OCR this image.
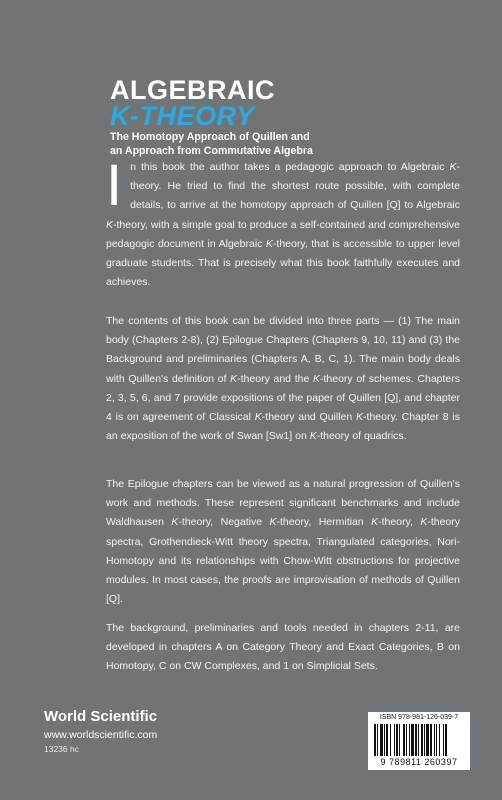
ALGEBRAIC
K-THEORY
The Homotopy Approach of Quillen and
an Approach from Commutative Algebra
I n this book the author takes a pedagogic approach to Algebraic K-theory. He tried to find the shortest route possible, with complete details, to arrive at the homotopy approach of Quillen [Q] to Algebraic K-theory, with a simple goal to produce a self-contained and comprehensive pedagogic document in Algebraic K-theory, that is accessible to upper level graduate students. That is precisely what this book faithfully executes and achieves.
The contents of this book can be divided into three parts — (1) The main body (Chapters 2-8), (2) Epilogue Chapters (Chapters 9, 10, 11) and (3) the Background and preliminaries (Chapters A, B, C, 1). The main body deals with Quillen's definition of K-theory and the K-theory of schemes. Chapters 2, 3, 5, 6, and 7 provide expositions of the paper of Quillen [Q], and chapter 4 is on agreement of Classical K-theory and Quillen K-theory. Chapter 8 is an exposition of the work of Swan [Sw1] on K-theory of quadrics.
The Epilogue chapters can be viewed as a natural progression of Quillen's work and methods. These represent significant benchmarks and include Waldhausen K-theory, Negative K-theory, Hermitian K-theory, K-theory spectra, Grothendieck-Witt theory spectra, Triangulated categories, Nori-Homotopy and its relationships with Chow-Witt obstructions for projective modules. In most cases, the proofs are improvisation of methods of Quillen [Q].
The background, preliminaries and tools needed in chapters 2-11, are developed in chapters A on Category Theory and Exact Categories, B on Homotopy, C on CW Complexes, and 1 on Simplicial Sets.
World Scientific
www.worldscientific.com
13236 hc
ISBN 978-981-126-039-7
9 789811 260397
